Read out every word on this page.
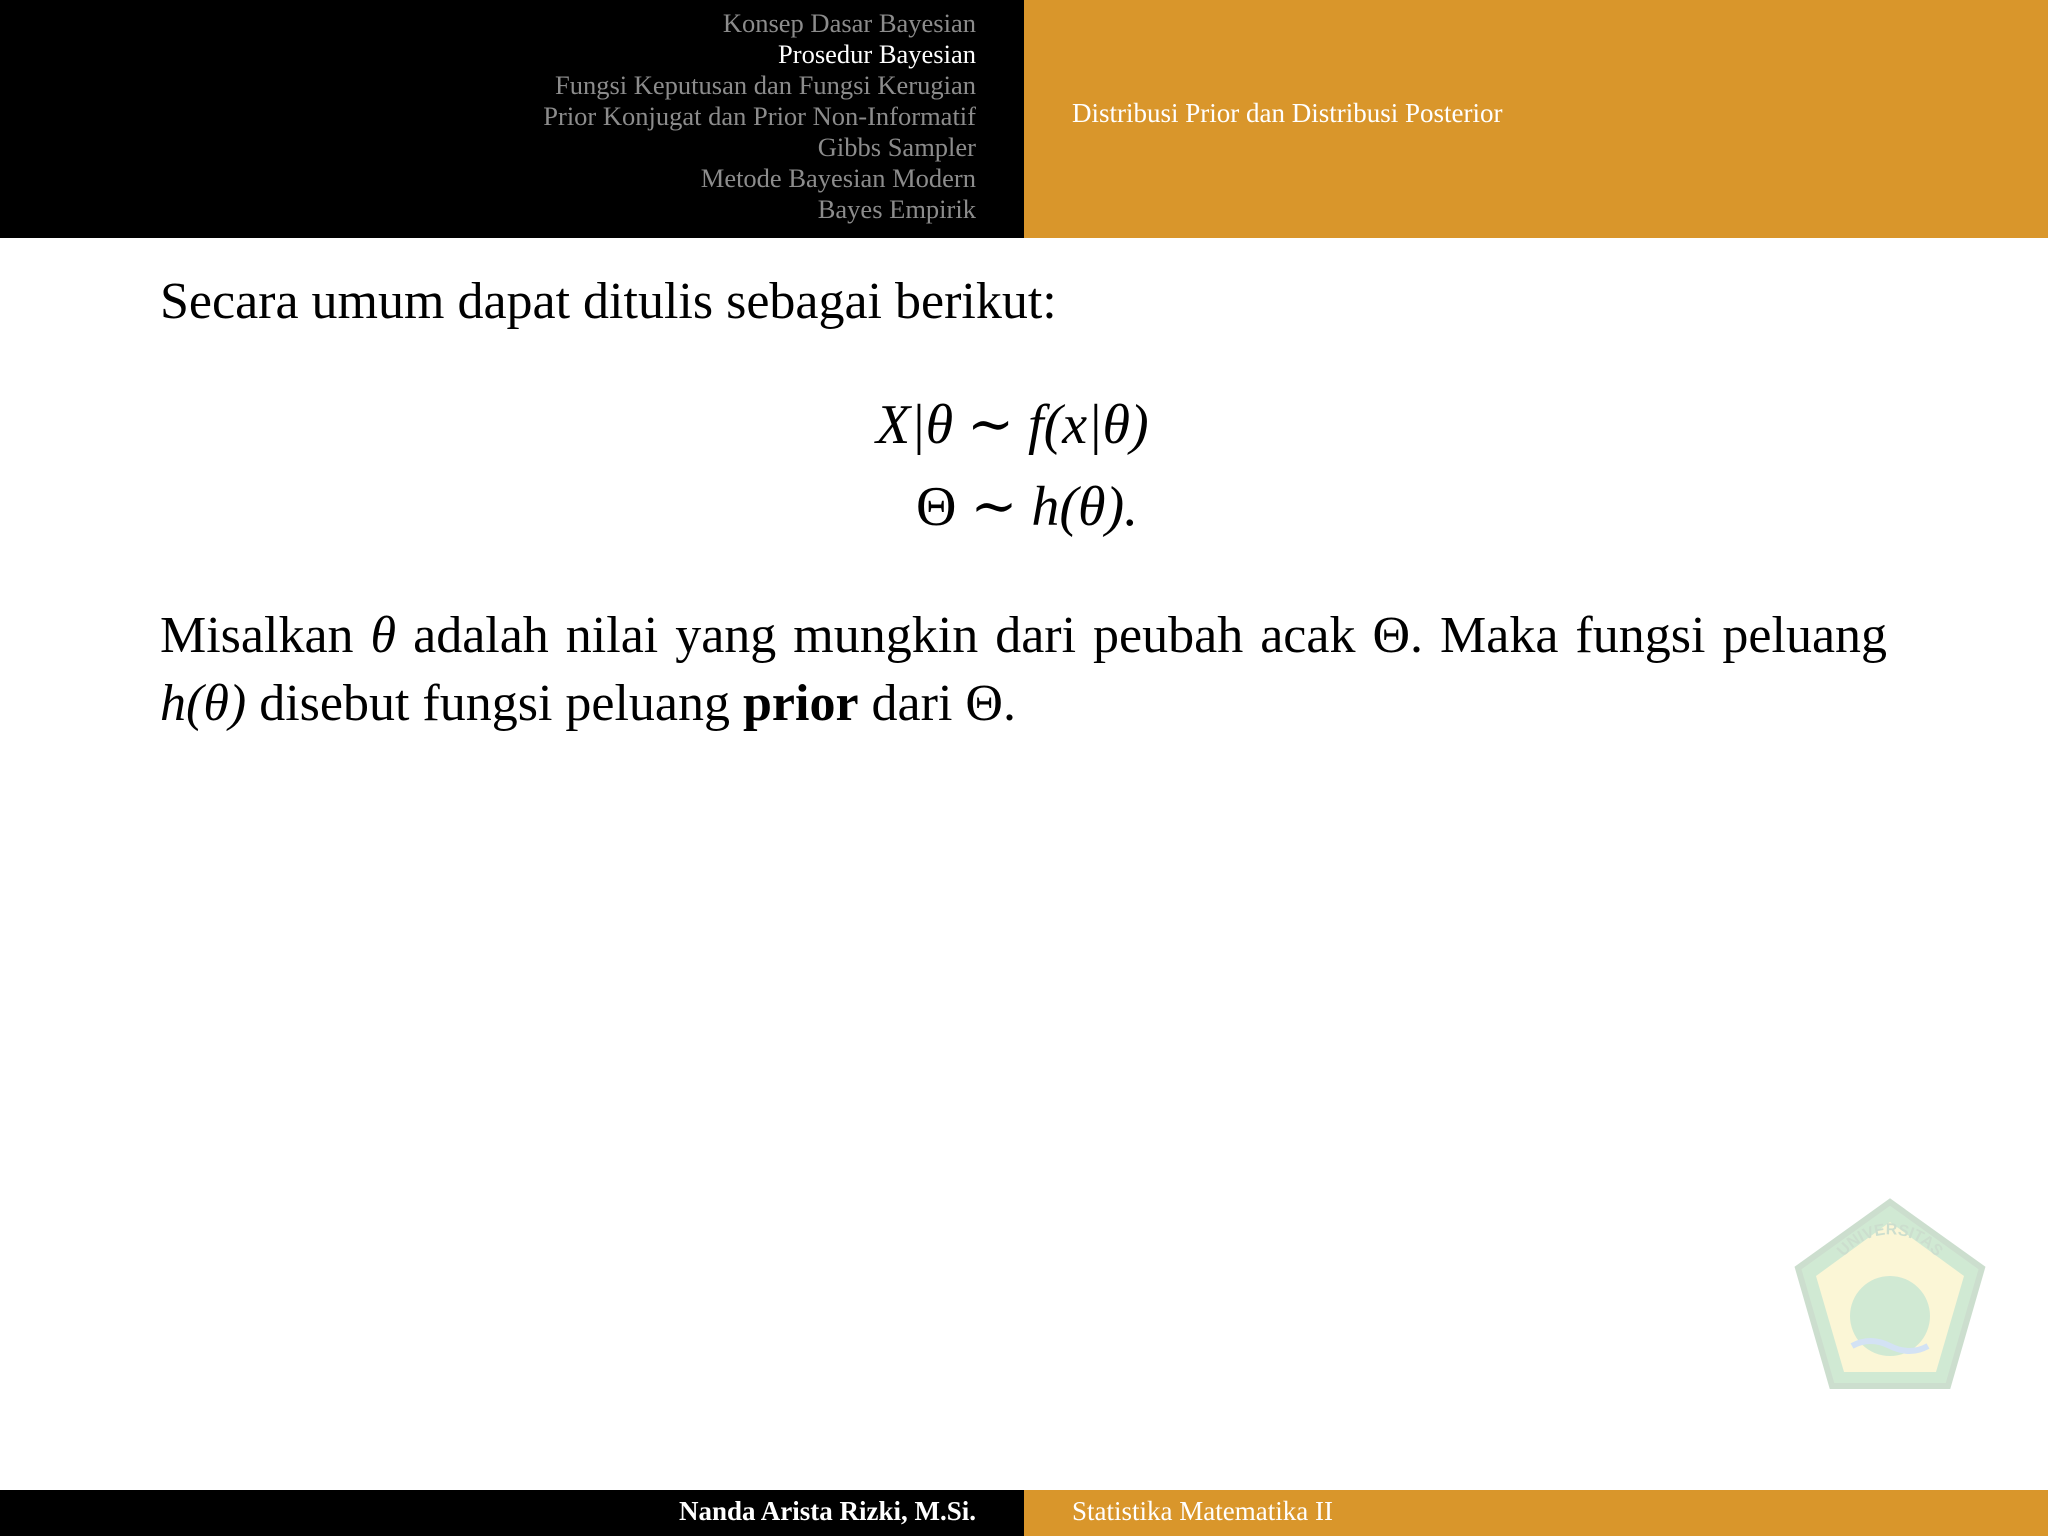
Konsep Dasar Bayesian
Prosedur Bayesian
Fungsi Keputusan dan Fungsi Kerugian
Prior Konjugat dan Prior Non-Informatif
Gibbs Sampler
Metode Bayesian Modern
Bayes Empirik
Distribusi Prior dan Distribusi Posterior

Secara umum dapat ditulis sebagai berikut:

X|θ ∼ f(x|θ)
Θ ∼ h(θ).

Misalkan θ adalah nilai yang mungkin dari peubah acak Θ. Maka fungsi peluang h(θ) disebut fungsi peluang prior dari Θ.

UNIVERSITAS
Nanda Arista Rizki, M.Si.	Statistika Matematika II
